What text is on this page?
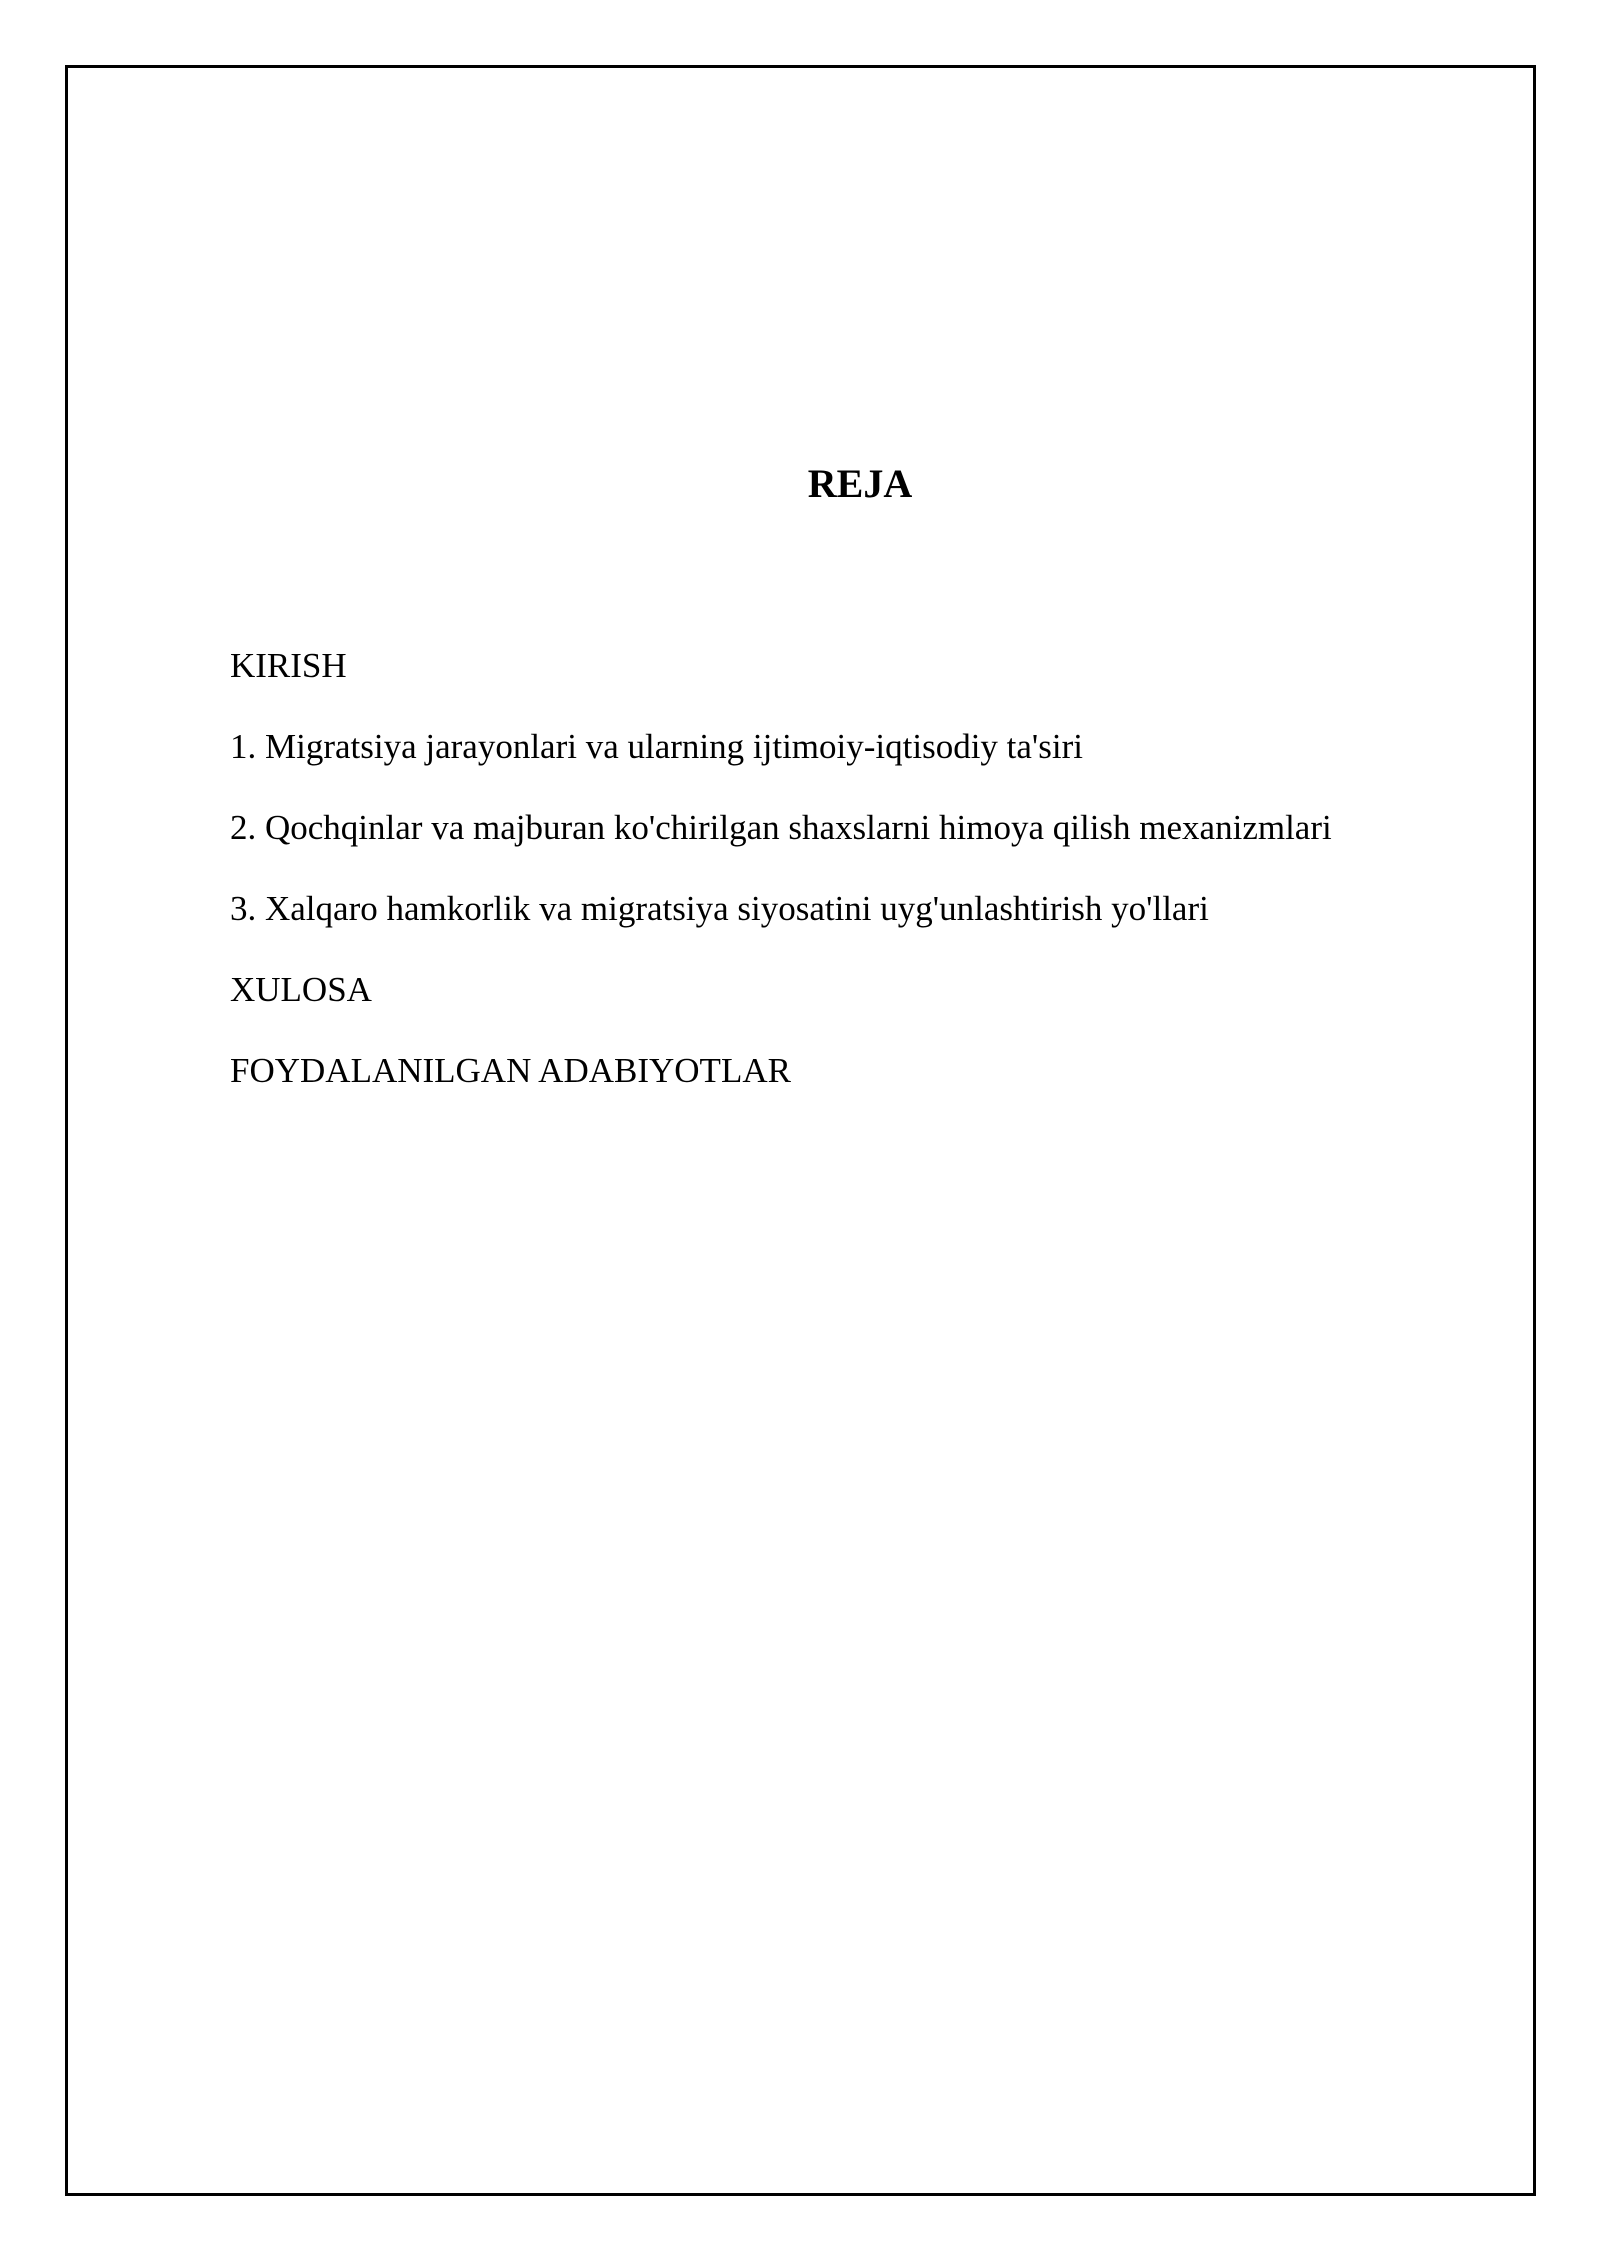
REJA
KIRISH
1. Migratsiya jarayonlari va ularning ijtimoiy-iqtisodiy ta'siri
2. Qochqinlar va majburan ko'chirilgan shaxslarni himoya qilish mexanizmlari
3. Xalqaro hamkorlik va migratsiya siyosatini uyg'unlashtirish yo'llari
XULOSA
FOYDALANILGAN ADABIYOTLAR
